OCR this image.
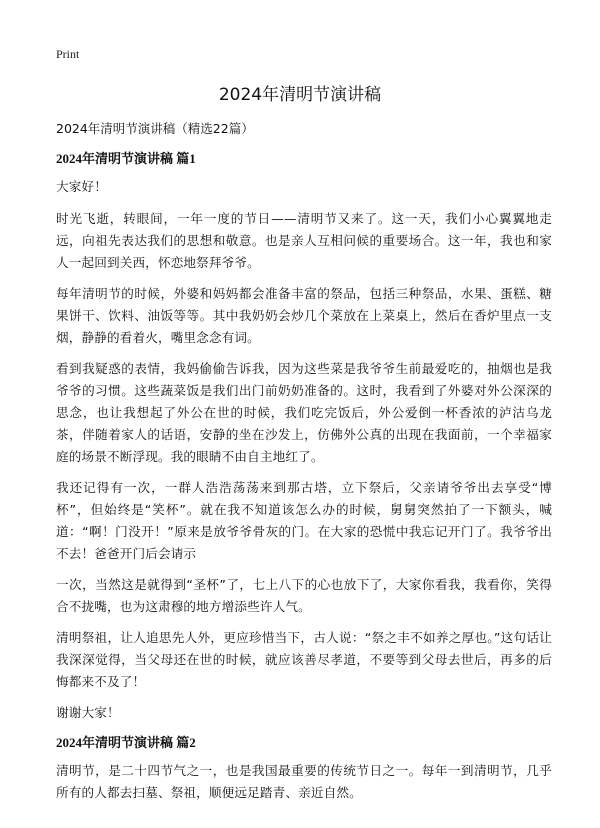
Print
2024年清明节演讲稿

2024年清明节演讲稿（精选22篇）

2024年清明节演讲稿 篇1

大家好！

时光飞逝，转眼间，一年一度的节日——清明节又来了。这一天，我们小心翼翼地走远，向祖先表达我们的思想和敬意。也是亲人互相问候的重要场合。这一年，我也和家人一起回到关西，怀恋地祭拜爷爷。

每年清明节的时候，外婆和妈妈都会准备丰富的祭品，包括三种祭品，水果、蛋糕、糖果饼干、饮料、油饭等等。其中我奶奶会炒几个菜放在上菜桌上，然后在香炉里点一支烟，静静的看着火，嘴里念念有词。

看到我疑惑的表情，我妈偷偷告诉我，因为这些菜是我爷爷生前最爱吃的，抽烟也是我爷爷的习惯。这些蔬菜饭是我们出门前奶奶准备的。这时，我看到了外婆对外公深深的思念，也让我想起了外公在世的时候，我们吃完饭后，外公爱倒一杯香浓的泸沽乌龙茶，伴随着家人的话语，安静的坐在沙发上，仿佛外公真的出现在我面前，一个幸福家庭的场景不断浮现。我的眼睛不由自主地红了。

我还记得有一次，一群人浩浩荡荡来到那古塔，立下祭后，父亲请爷爷出去享受“博杯”，但始终是“笑杯”。就在我不知道该怎么办的时候，舅舅突然拍了一下额头，喊道：“啊！门没开！”原来是放爷爷骨灰的门。在大家的恐慌中我忘记开门了。我爷爷出不去！爸爸开门后会请示

一次，当然这是就得到“圣杯”了，七上八下的心也放下了，大家你看我，我看你，笑得合不拢嘴，也为这肃穆的地方增添些许人气。

清明祭祖，让人追思先人外，更应珍惜当下，古人说：“祭之丰不如养之厚也。”这句话让我深深觉得，当父母还在世的时候，就应该善尽孝道，不要等到父母去世后，再多的后悔都来不及了！

谢谢大家！

2024年清明节演讲稿 篇2

清明节，是二十四节气之一，也是我国最重要的传统节日之一。每年一到清明节，几乎所有的人都去扫墓、祭祖，顺便远足踏青、亲近自然。
